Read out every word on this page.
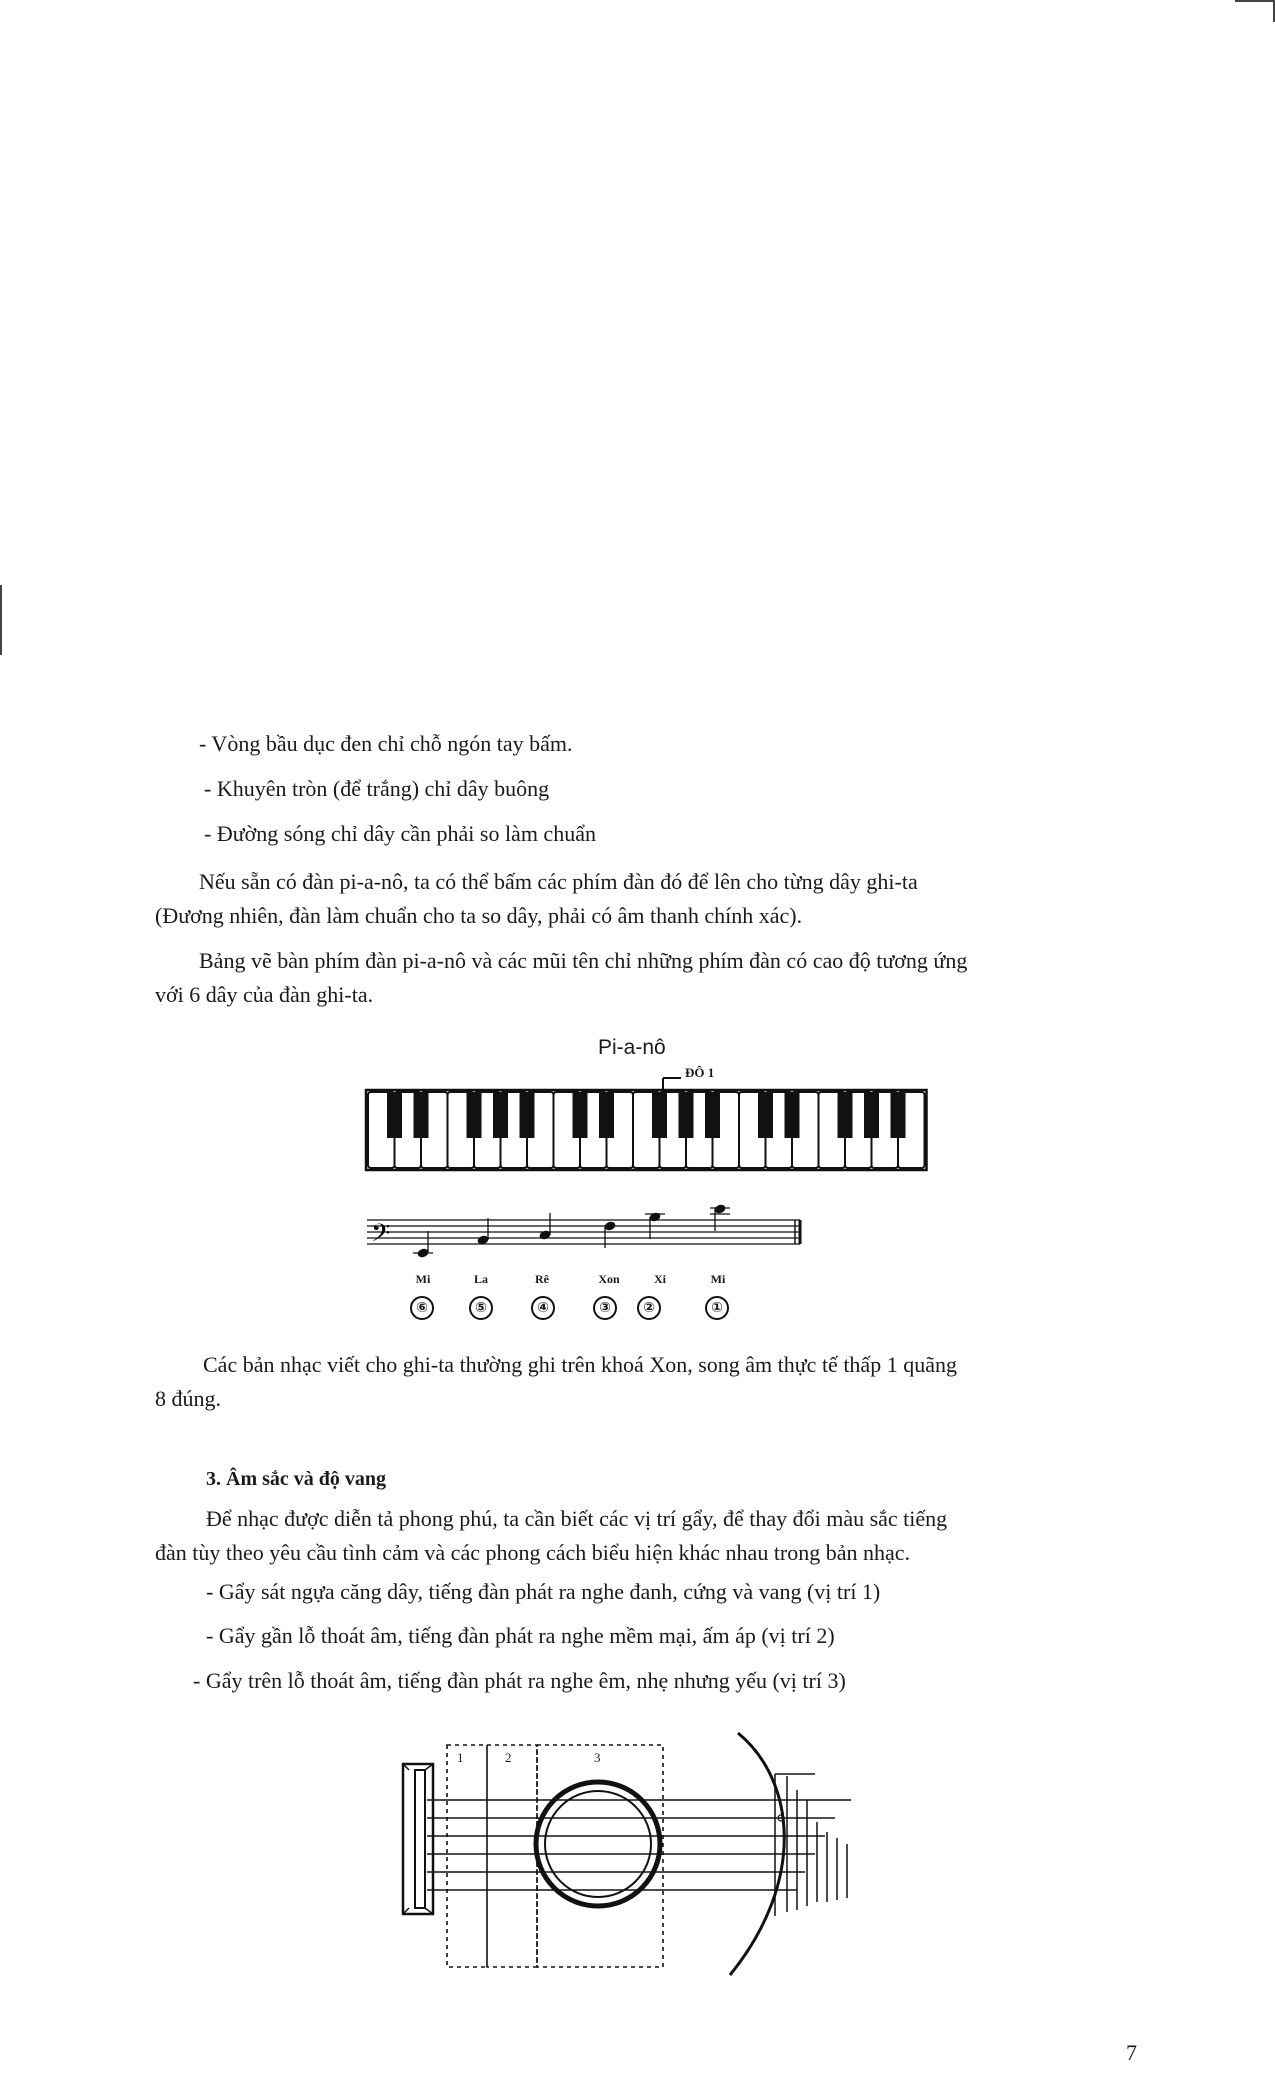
- Vòng bầu dục đen chỉ chỗ ngón tay bấm.
- Khuyên tròn (để trắng) chỉ dây buông
- Đường sóng chỉ dây cần phải so làm chuẩn
Nếu sẵn có đàn pi-a-nô, ta có thể bấm các phím đàn đó để lên cho từng dây ghi-ta
(Đương nhiên, đàn làm chuẩn cho ta so dây, phải có âm thanh chính xác).
Bảng vẽ bàn phím đàn pi-a-nô và các mũi tên chỉ những phím đàn có cao độ tương ứng
với 6 dây của đàn ghi-ta.
Pi-a-nô
ĐÔ 1
𝄢
Mi	La	Rê	Xon	Xi	Mi
⑥	⑤	④	③	②	①
Các bản nhạc viết cho ghi-ta thường ghi trên khoá Xon, song âm thực tế thấp 1 quãng
8 đúng.
3. Âm sắc và độ vang
Để nhạc được diễn tả phong phú, ta cần biết các vị trí gẩy, để thay đổi màu sắc tiếng
đàn tùy theo yêu cầu tình cảm và các phong cách biểu hiện khác nhau trong bản nhạc.
- Gẩy sát ngựa căng dây, tiếng đàn phát ra nghe đanh, cứng và vang (vị trí 1)
- Gẩy gần lỗ thoát âm, tiếng đàn phát ra nghe mềm mại, ấm áp (vị trí 2)
- Gẩy trên lỗ thoát âm, tiếng đàn phát ra nghe êm, nhẹ nhưng yếu (vị trí 3)
1	2	3
7
